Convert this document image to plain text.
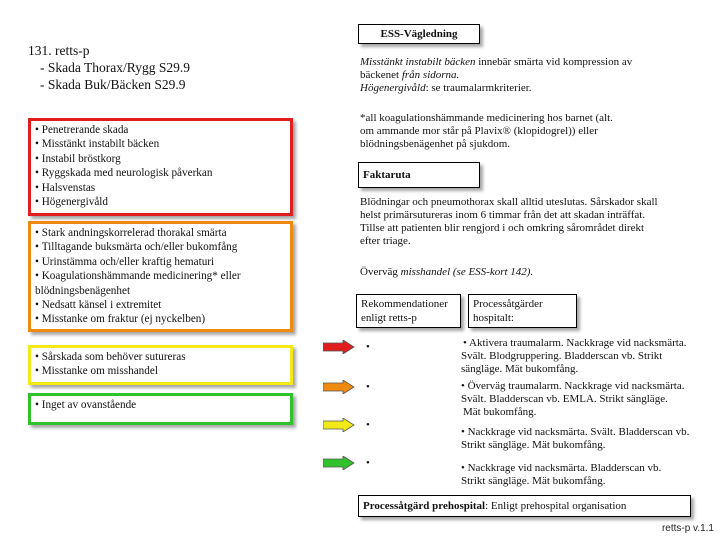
ESS-Vägledning
131. retts-p
- Skada Thorax/Rygg S29.9
- Skada Buk/Bäcken S29.9
• Penetrerande skada
• Misstänkt instabilt bäcken
• Instabil bröstkorg
• Ryggskada med neurologisk påverkan
• Halsvenstas
• Högenergivåld
• Stark andningskorrelerad thorakal smärta
• Tilltagande buksmärta och/eller bukomfång
• Urinstämma och/eller kraftig hematuri
• Koagulationshämmande medicinering* eller
blödningsbenägenhet
• Nedsatt känsel i extremitet
• Misstanke om fraktur (ej nyckelben)
• Sårskada som behöver sutureras
• Misstanke om misshandel
• Inget av ovanstående
Misstänkt instabilt bäcken innebär smärta vid kompression av
bäckenet från sidorna.
Högenergivåld: se traumalarmkriterier.
*all koagulationshämmande medicinering hos barnet (alt.
om ammande mor står på Plavix® (klopidogrel)) eller
blödningsbenägenhet på sjukdom.
Faktaruta
Blödningar och pneumothorax skall alltid uteslutas. Sårskador skall
helst primärsutureras inom 6 timmar från det att skadan inträffat.
Tillse att patienten blir rengjord i och omkring sårområdet direkt
efter triage.
Överväg misshandel (se ESS-kort 142).
Rekommendationer
enligt retts-p
Processåtgärder
hospitalt:
•
•
•
•
• Aktivera traumalarm. Nackkrage vid nacksmärta.
Svält. Blodgruppering. Bladderscan vb. Strikt
sängläge. Mät bukomfång.
• Överväg traumalarm. Nackkrage vid nacksmärta.
Svält. Bladderscan vb. EMLA. Strikt sängläge.
Mät bukomfång.
• Nackkrage vid nacksmärta. Svält. Bladderscan vb.
Strikt sängläge. Mät bukomfång.
• Nackkrage vid nacksmärta. Bladderscan vb.
Strikt sängläge. Mät bukomfång.
Processåtgärd prehospital: Enligt prehospital organisation
retts-p v.1.1
